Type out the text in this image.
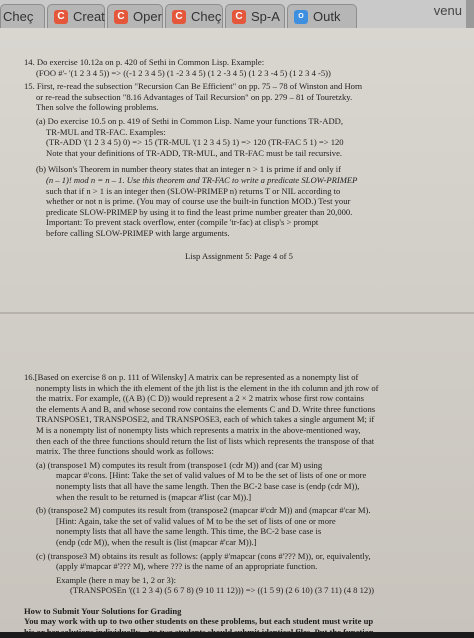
Cheç	C Creat	C Oper	C Cheç	C Sp-A	O Outk	venu
14. Do exercise 10.12a on p. 420 of Sethi in Common Lisp. Example:
(FOO #'- '(1 2 3 4 5)) => ((-1 2 3 4 5) (1 -2 3 4 5) (1 2 -3 4 5) (1 2 3 -4 5) (1 2 3 4 -5))
15. First, re-read the subsection "Recursion Can Be Efficient" on pp. 75 – 78 of Winston and Horn
or re-read the subsection "8.16 Advantages of Tail Recursion" on pp. 279 – 81 of Touretzky.
Then solve the following problems.
(a) Do exercise 10.5 on p. 419 of Sethi in Common Lisp. Name your functions TR-ADD,
TR-MUL and TR-FAC. Examples:
(TR-ADD '(1 2 3 4 5) 0) => 15 (TR-MUL '(1 2 3 4 5) 1) => 120 (TR-FAC 5 1) => 120
Note that your definitions of TR-ADD, TR-MUL, and TR-FAC must be tail recursive.
(b) Wilson's Theorem in number theory states that an integer n > 1 is prime if and only if
(n – 1)! mod n = n – 1. Use this theorem and TR-FAC to write a predicate SLOW-PRIMEP
such that if n > 1 is an integer then (SLOW-PRIMEP n) returns T or NIL according to
whether or not n is prime. (You may of course use the built-in function MOD.) Test your
predicate SLOW-PRIMEP by using it to find the least prime number greater than 20,000.
Important: To prevent stack overflow, enter (compile 'tr-fac) at clisp's > prompt
before calling SLOW-PRIMEP with large arguments.
Lisp Assignment 5: Page 4 of 5
16.[Based on exercise 8 on p. 111 of Wilensky] A matrix can be represented as a nonempty list of
nonempty lists in which the ith element of the jth list is the element in the ith column and jth row of
the matrix. For example, ((A B) (C D)) would represent a 2 × 2 matrix whose first row contains
the elements A and B, and whose second row contains the elements C and D. Write three functions
TRANSPOSE1, TRANSPOSE2, and TRANSPOSE3, each of which takes a single argument M; if
M is a nonempty list of nonempty lists which represents a matrix in the above-mentioned way,
then each of the three functions should return the list of lists which represents the transpose of that
matrix. The three functions should work as follows:
(a) (transpose1 M) computes its result from (transpose1 (cdr M)) and (car M) using
mapcar #'cons. [Hint: Take the set of valid values of M to be the set of lists of one or more
nonempty lists that all have the same length. Then the BC-2 base case is (endp (cdr M)),
when the result to be returned is (mapcar #'list (car M)).]
(b) (transpose2 M) computes its result from (transpose2 (mapcar #'cdr M)) and (mapcar #'car M).
[Hint: Again, take the set of valid values of M to be the set of lists of one or more
nonempty lists that all have the same length. This time, the BC-2 base case is
(endp (cdr M)), when the result is (list (mapcar #'car M)).]
(c) (transpose3 M) obtains its result as follows: (apply #'mapcar (cons #'??? M)), or, equivalently,
(apply #'mapcar #'??? M), where ??? is the name of an appropriate function.
Example (here n may be 1, 2 or 3):
(TRANSPOSEn '((1 2 3 4) (5 6 7 8) (9 10 11 12))) => ((1 5 9) (2 6 10) (3 7 11) (4 8 12))
How to Submit Your Solutions for Grading
You may work with up to two other students on these problems, but each student must write up
his or her solutions individually—no two students should submit identical files. Put the function
